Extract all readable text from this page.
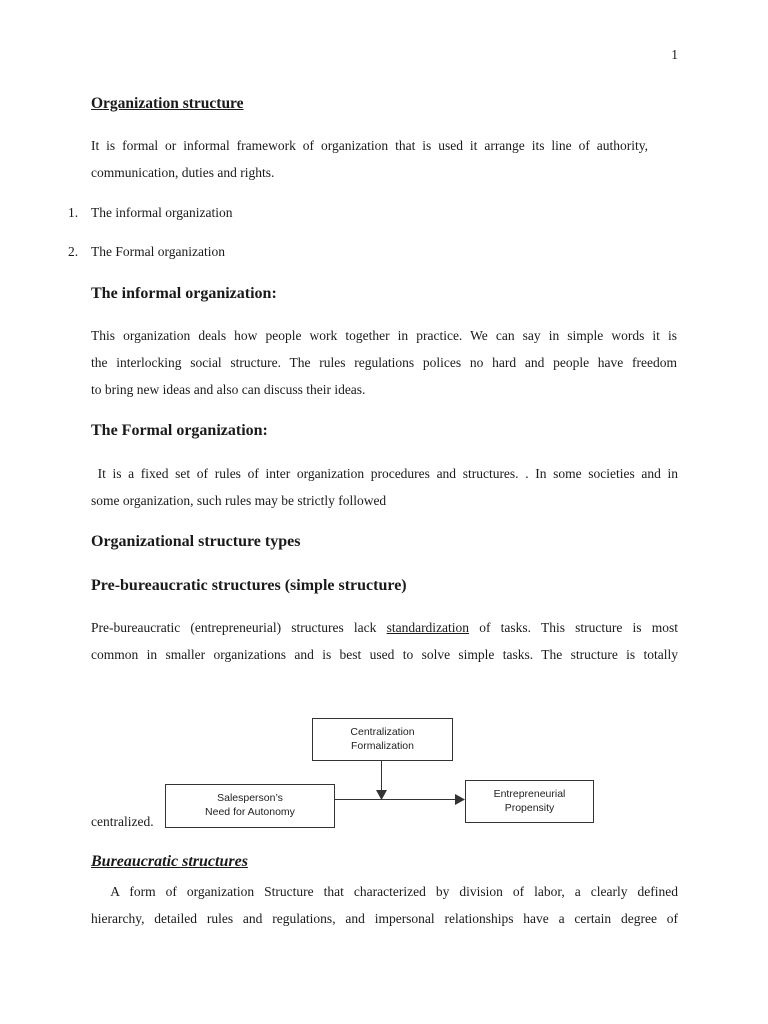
1
Organization structure
It is formal or informal framework of organization that is used it arrange its line of authority,
communication, duties and rights.
1. The informal organization
2. The Formal organization
The informal organization:
This organization deals how people work together in practice. We can say in simple words it is
the interlocking social structure. The rules regulations polices no hard and people have freedom
to bring new ideas and also can discuss their ideas.
The Formal organization:
It is a fixed set of rules of inter organization procedures and structures. . In some societies and in
some organization, such rules may be strictly followed
Organizational structure types
Pre-bureaucratic structures (simple structure)
Pre-bureaucratic (entrepreneurial) structures lack standardization of tasks. This structure is most
common in smaller organizations and is best used to solve simple tasks. The structure is totally
Centralization
Formalization
Salesperson’s
Need for Autonomy
Entrepreneurial
Propensity
centralized.
Bureaucratic structures
A form of organization Structure that characterized by division of labor, a clearly defined
hierarchy, detailed rules and regulations, and impersonal relationships have a certain degree of
